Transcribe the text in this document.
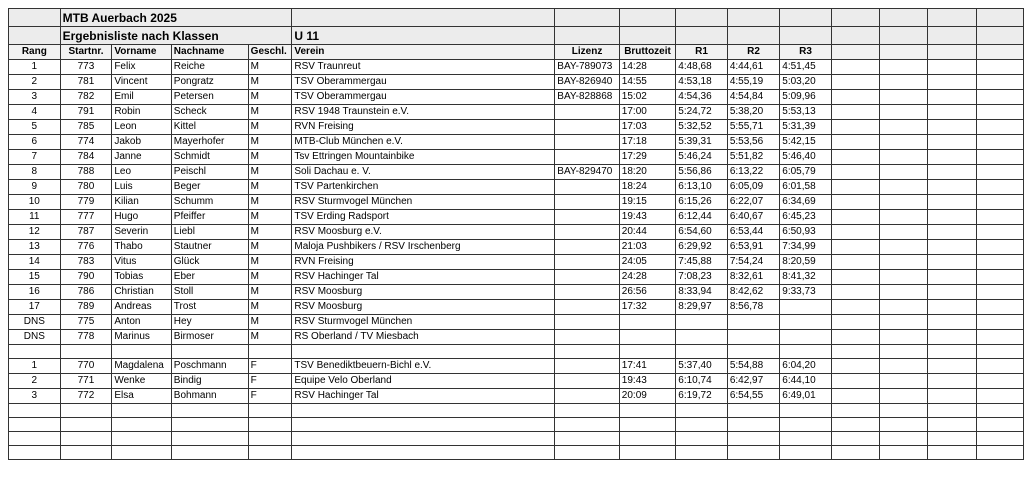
	MTB Auerbach 2025													
	Ergebnisliste nach Klassen				U 11									
Rang	Startnr.	Vorname	Nachname	Geschl.	Verein	Lizenz	Bruttozeit	R1	R2	R3				
1	773	Felix	Reiche	M	RSV Traunreut	BAY-789073	14:28	4:48,68	4:44,61	4:51,45				
2	781	Vincent	Pongratz	M	TSV Oberammergau	BAY-826940	14:55	4:53,18	4:55,19	5:03,20				
3	782	Emil	Petersen	M	TSV Oberammergau	BAY-828868	15:02	4:54,36	4:54,84	5:09,96				
4	791	Robin	Scheck	M	RSV 1948 Traunstein e.V.		17:00	5:24,72	5:38,20	5:53,13				
5	785	Leon	Kittel	M	RVN Freising		17:03	5:32,52	5:55,71	5:31,39				
6	774	Jakob	Mayerhofer	M	MTB-Club München e.V.		17:18	5:39,31	5:53,56	5:42,15				
7	784	Janne	Schmidt	M	Tsv Ettringen Mountainbike		17:29	5:46,24	5:51,82	5:46,40				
8	788	Leo	Peischl	M	Soli Dachau e. V.	BAY-829470	18:20	5:56,86	6:13,22	6:05,79				
9	780	Luis	Beger	M	TSV Partenkirchen		18:24	6:13,10	6:05,09	6:01,58				
10	779	Kilian	Schumm	M	RSV Sturmvogel München		19:15	6:15,26	6:22,07	6:34,69				
11	777	Hugo	Pfeiffer	M	TSV Erding Radsport		19:43	6:12,44	6:40,67	6:45,23				
12	787	Severin	Liebl	M	RSV Moosburg e.V.		20:44	6:54,60	6:53,44	6:50,93				
13	776	Thabo	Stautner	M	Maloja Pushbikers / RSV Irschenberg		21:03	6:29,92	6:53,91	7:34,99				
14	783	Vitus	Glück	M	RVN Freising		24:05	7:45,88	7:54,24	8:20,59				
15	790	Tobias	Eber	M	RSV Hachinger Tal		24:28	7:08,23	8:32,61	8:41,32				
16	786	Christian	Stoll	M	RSV Moosburg		26:56	8:33,94	8:42,62	9:33,73				
17	789	Andreas	Trost	M	RSV Moosburg		17:32	8:29,97	8:56,78					
DNS	775	Anton	Hey	M	RSV Sturmvogel München									
DNS	778	Marinus	Birmoser	M	RS Oberland / TV Miesbach									

1	770	Magdalena	Poschmann	F	TSV Benediktbeuern-Bichl e.V.		17:41	5:37,40	5:54,88	6:04,20				
2	771	Wenke	Bindig	F	Equipe Velo Oberland		19:43	6:10,74	6:42,97	6:44,10				
3	772	Elsa	Bohmann	F	RSV Hachinger Tal		20:09	6:19,72	6:54,55	6:49,01				
